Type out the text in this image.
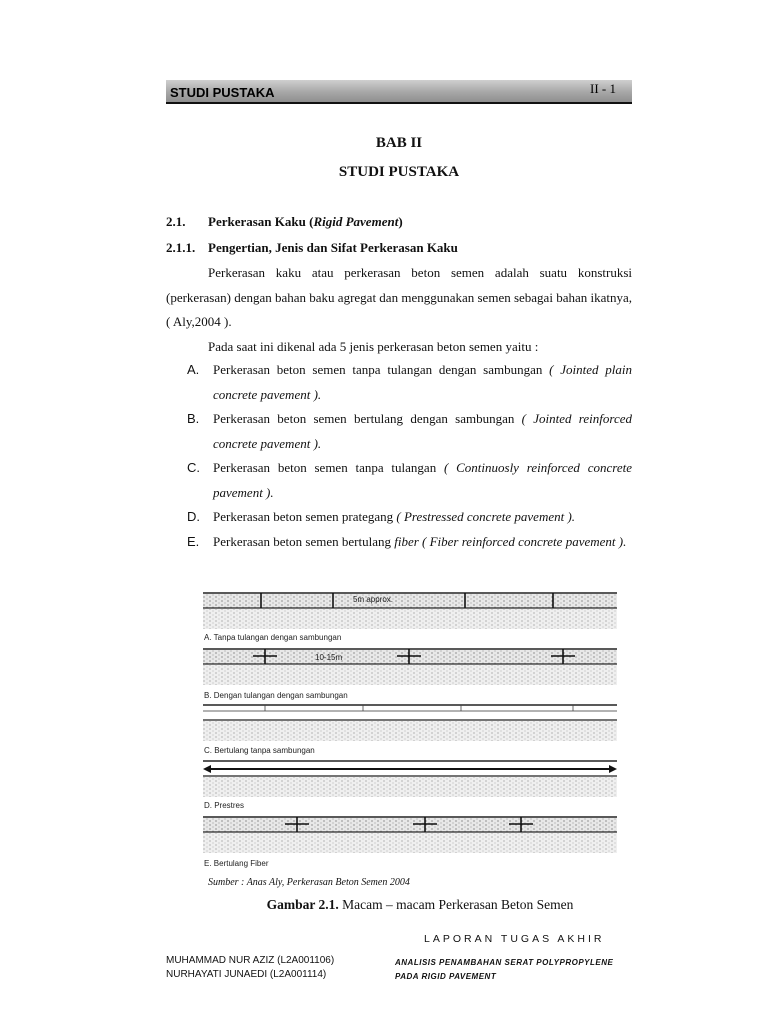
STUDI PUSTAKA	II - 1
BAB II
STUDI PUSTAKA
2.1. Perkerasan Kaku (Rigid Pavement)
2.1.1. Pengertian, Jenis dan Sifat Perkerasan Kaku
Perkerasan kaku atau perkerasan beton semen adalah suatu konstruksi (perkerasan) dengan bahan baku agregat dan menggunakan semen sebagai bahan ikatnya, ( Aly,2004 ).
Pada saat ini dikenal ada 5 jenis perkerasan beton semen yaitu :
A. Perkerasan beton semen tanpa tulangan dengan sambungan ( Jointed plain concrete pavement ).
B. Perkerasan beton semen bertulang dengan sambungan ( Jointed reinforced concrete pavement ).
C. Perkerasan beton semen tanpa tulangan ( Continuosly reinforced concrete pavement ).
D. Perkerasan beton semen prategang ( Prestressed concrete pavement ).
E. Perkerasan beton semen bertulang fiber ( Fiber reinforced concrete pavement ).
5m approx.
A. Tanpa tulangan dengan sambungan
10-15m
B. Dengan tulangan dengan sambungan
C. Bertulang tanpa sambungan
D. Prestres
E. Bertulang Fiber
Sumber : Anas Aly, Perkerasan Beton Semen 2004
Gambar 2.1. Macam – macam Perkerasan Beton Semen
LAPORAN TUGAS AKHIR
MUHAMMAD NUR AZIZ (L2A001106)
NURHAYATI JUNAEDI (L2A001114)
ANALISIS PENAMBAHAN SERAT POLYPROPYLENE
PADA RIGID PAVEMENT
